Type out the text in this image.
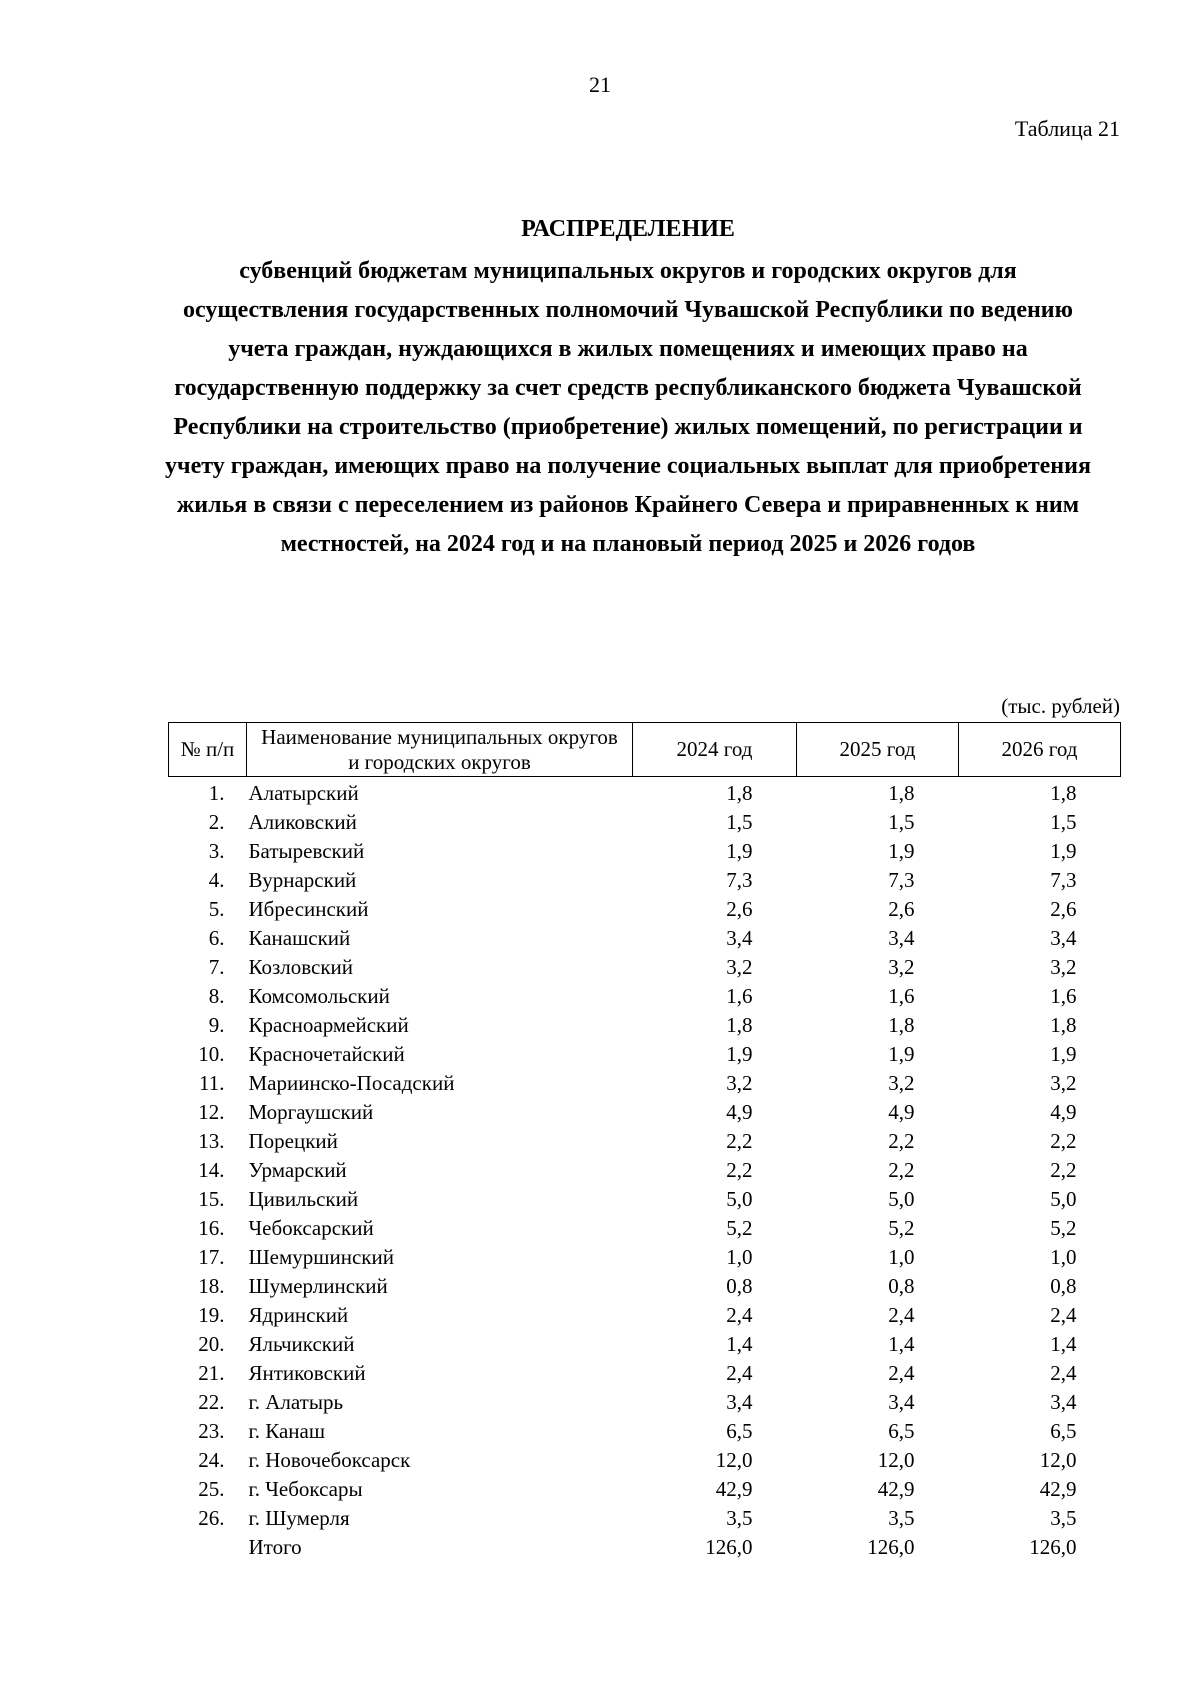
21
Таблица 21
РАСПРЕДЕЛЕНИЕ
субвенций бюджетам муниципальных округов и городских округов для осуществления государственных полномочий Чувашской Республики по ведению учета граждан, нуждающихся в жилых помещениях и имеющих право на государственную поддержку за счет средств республиканского бюджета Чувашской Республики на строительство (приобретение) жилых помещений, по регистрации и учету граждан, имеющих право на получение социальных выплат для приобретения жилья в связи с переселением из районов Крайнего Севера и приравненных к ним местностей, на 2024 год и на плановый период 2025 и 2026 годов
(тыс. рублей)
№ п/п	Наименование муниципальных округов и городских округов	2024 год	2025 год	2026 год
1.	Алатырский	1,8	1,8	1,8
2.	Аликовский	1,5	1,5	1,5
3.	Батыревский	1,9	1,9	1,9
4.	Вурнарский	7,3	7,3	7,3
5.	Ибресинский	2,6	2,6	2,6
6.	Канашский	3,4	3,4	3,4
7.	Козловский	3,2	3,2	3,2
8.	Комсомольский	1,6	1,6	1,6
9.	Красноармейский	1,8	1,8	1,8
10.	Красночетайский	1,9	1,9	1,9
11.	Мариинско-Посадский	3,2	3,2	3,2
12.	Моргаушский	4,9	4,9	4,9
13.	Порецкий	2,2	2,2	2,2
14.	Урмарский	2,2	2,2	2,2
15.	Цивильский	5,0	5,0	5,0
16.	Чебоксарский	5,2	5,2	5,2
17.	Шемуршинский	1,0	1,0	1,0
18.	Шумерлинский	0,8	0,8	0,8
19.	Ядринский	2,4	2,4	2,4
20.	Яльчикский	1,4	1,4	1,4
21.	Янтиковский	2,4	2,4	2,4
22.	г. Алатырь	3,4	3,4	3,4
23.	г. Канаш	6,5	6,5	6,5
24.	г. Новочебоксарск	12,0	12,0	12,0
25.	г. Чебоксары	42,9	42,9	42,9
26.	г. Шумерля	3,5	3,5	3,5
	Итого	126,0	126,0	126,0
